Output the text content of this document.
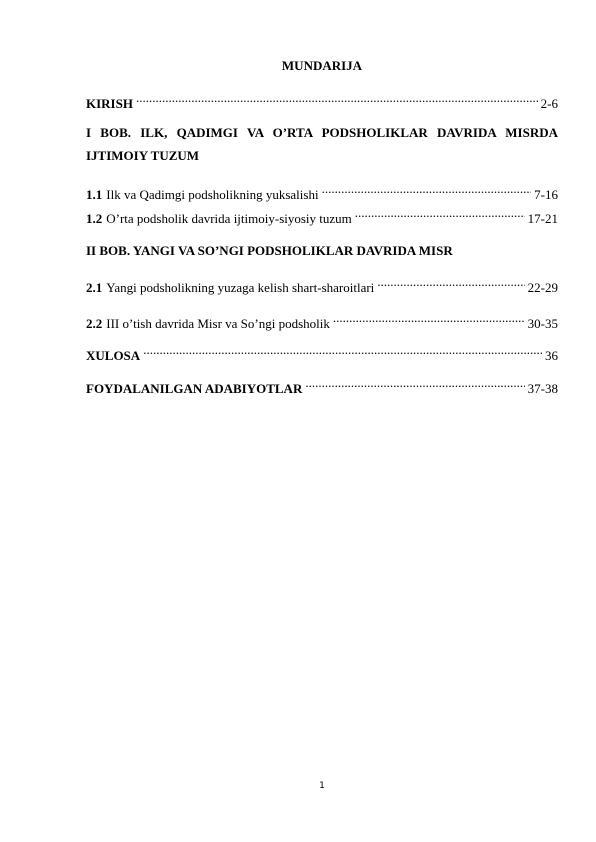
MUNDARIJA
KIRISH .....	2-6
I BOB. ILK, QADIMGI VA O’RTA PODSHOLIKLAR DAVRIDA MISRDA IJTIMOIY TUZUM
1.1 Ilk va Qadimgi podsholikning yuksalishi .....	7-16
1.2 O’rta podsholik davrida ijtimoiy-siyosiy tuzum .....	17-21
II BOB. YANGI VA SO’NGI PODSHOLIKLAR DAVRIDA MISR
2.1 Yangi podsholikning yuzaga kelish shart-sharoitlari .....	22-29
2.2 III o’tish davrida Misr va So’ngi podsholik .....	30-35
XULOSA .....	36
FOYDALANILGAN ADABIYOTLAR .....	37-38
1
